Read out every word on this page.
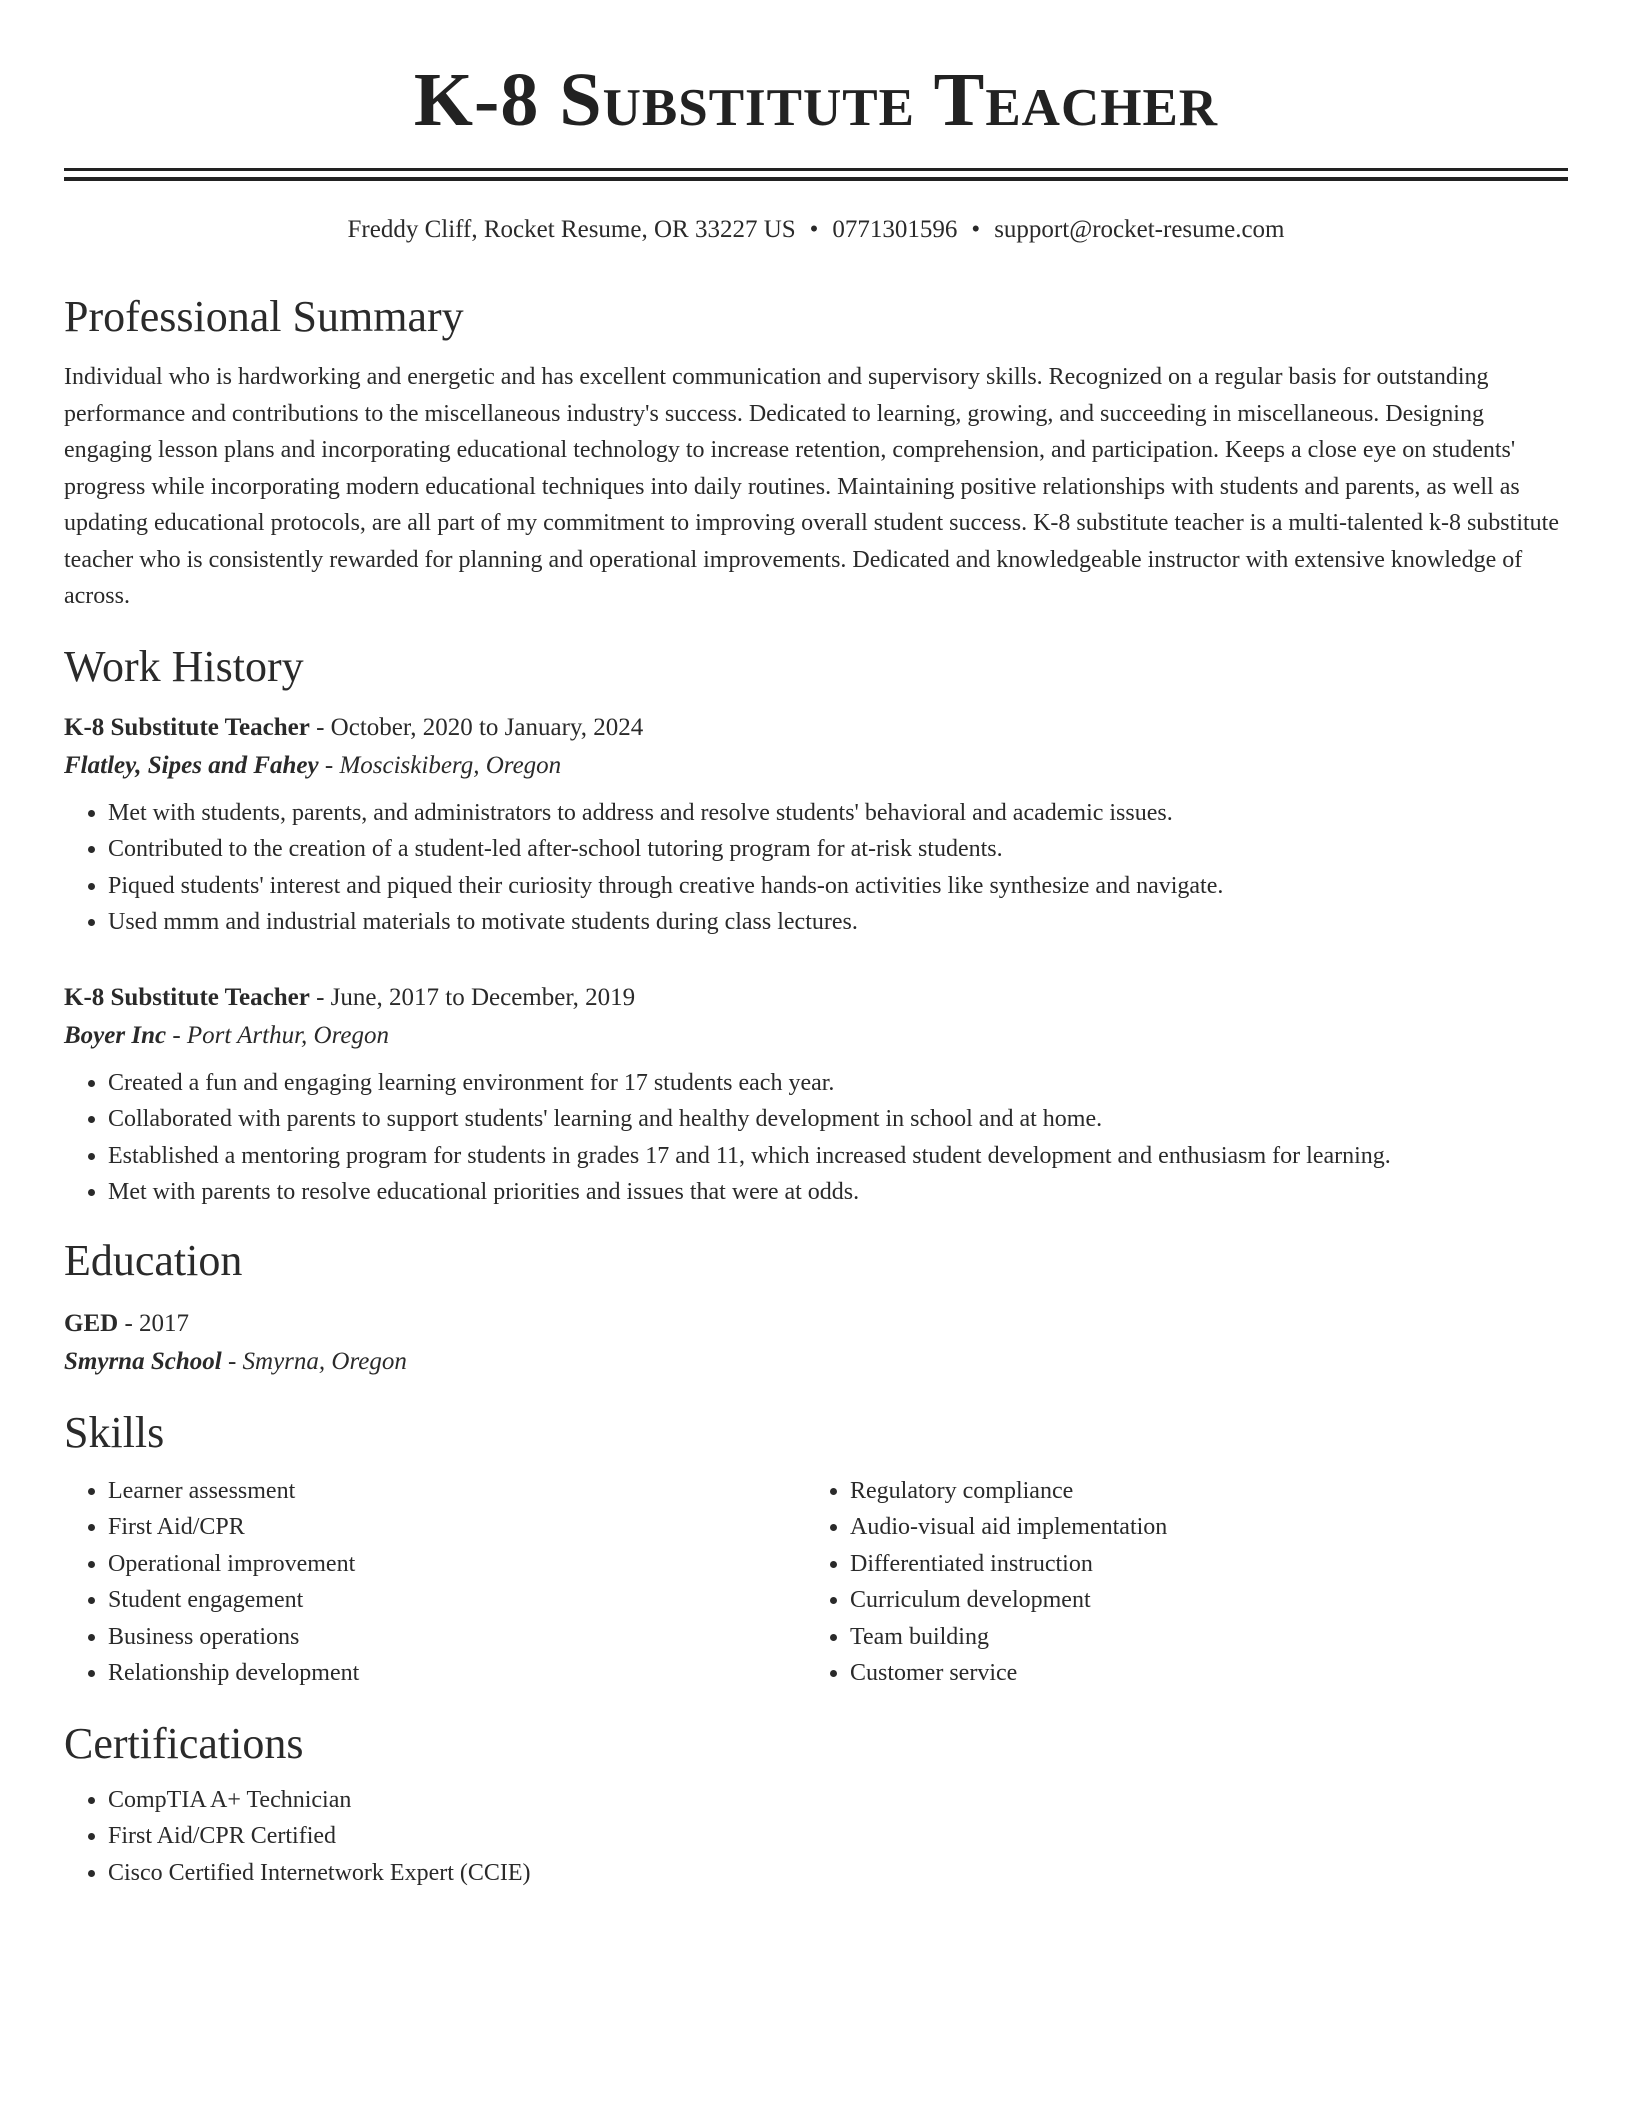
K-8 Substitute Teacher
Freddy Cliff, Rocket Resume, OR 33227 US • 0771301596 • support@rocket-resume.com
Professional Summary

Individual who is hardworking and energetic and has excellent communication and supervisory skills. Recognized on a regular basis for outstanding performance and contributions to the miscellaneous industry's success. Dedicated to learning, growing, and succeeding in miscellaneous. Designing engaging lesson plans and incorporating educational technology to increase retention, comprehension, and participation. Keeps a close eye on students' progress while incorporating modern educational techniques into daily routines. Maintaining positive relationships with students and parents, as well as updating educational protocols, are all part of my commitment to improving overall student success. K-8 substitute teacher is a multi-talented k-8 substitute teacher who is consistently rewarded for planning and operational improvements. Dedicated and knowledgeable instructor with extensive knowledge of across.

Work History
K-8 Substitute Teacher - October, 2020 to January, 2024
Flatley, Sipes and Fahey - Mosciskiberg, Oregon
• Met with students, parents, and administrators to address and resolve students' behavioral and academic issues.
• Contributed to the creation of a student-led after-school tutoring program for at-risk students.
• Piqued students' interest and piqued their curiosity through creative hands-on activities like synthesize and navigate.
• Used mmm and industrial materials to motivate students during class lectures.
K-8 Substitute Teacher - June, 2017 to December, 2019
Boyer Inc - Port Arthur, Oregon
• Created a fun and engaging learning environment for 17 students each year.
• Collaborated with parents to support students' learning and healthy development in school and at home.
• Established a mentoring program for students in grades 17 and 11, which increased student development and enthusiasm for learning.
• Met with parents to resolve educational priorities and issues that were at odds.
Education
GED - 2017
Smyrna School - Smyrna, Oregon
Skills
• Learner assessment
• First Aid/CPR
• Operational improvement
• Student engagement
• Business operations
• Relationship development
• Regulatory compliance
• Audio-visual aid implementation
• Differentiated instruction
• Curriculum development
• Team building
• Customer service
Certifications
• CompTIA A+ Technician
• First Aid/CPR Certified
• Cisco Certified Internetwork Expert (CCIE)
